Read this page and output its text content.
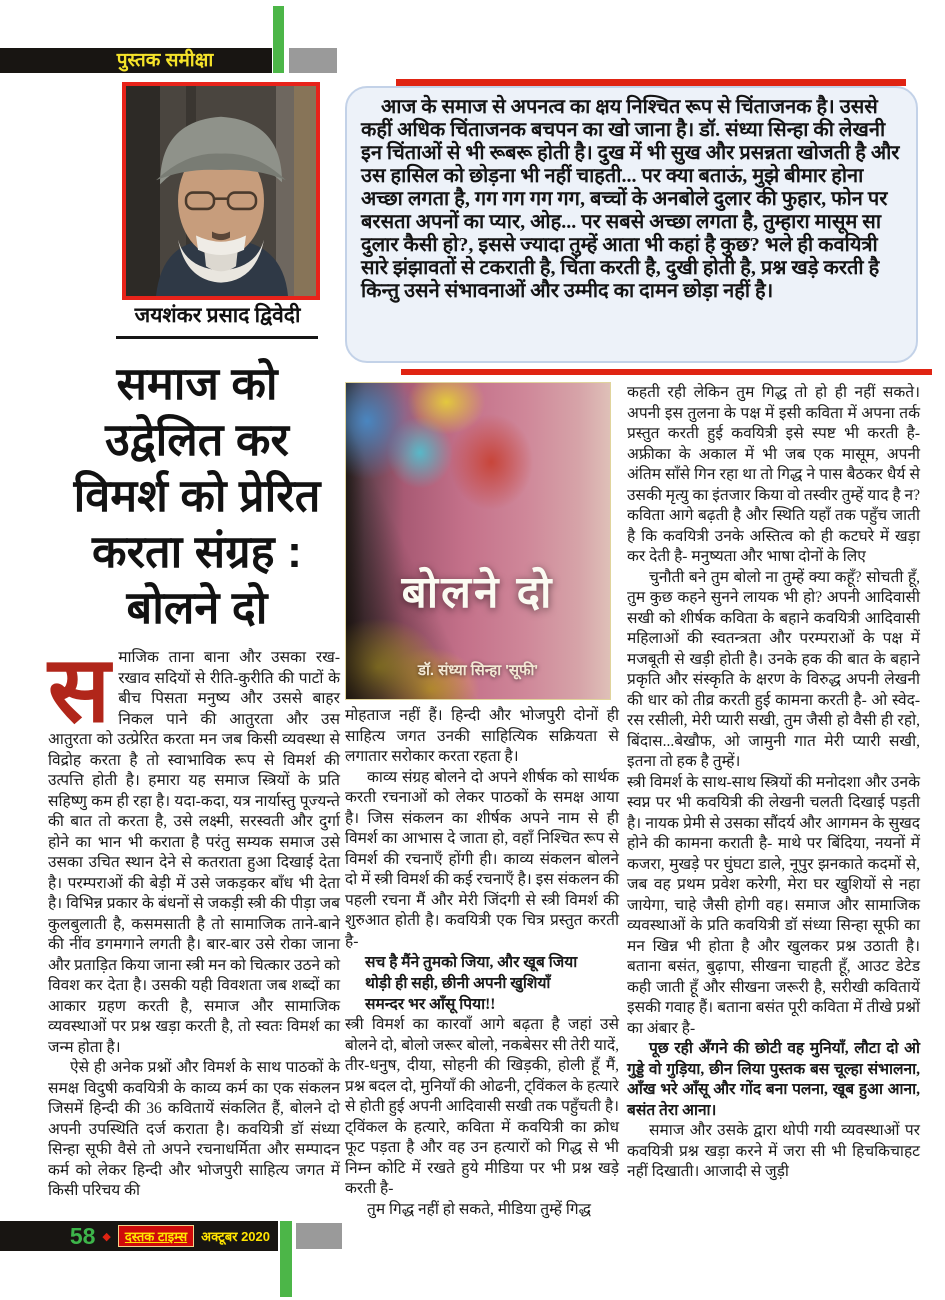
पुस्तक समीक्षा
जयशंकर प्रसाद द्विवेदी

आज के समाज से अपनत्व का क्षय निश्चित रूप से चिंताजनक है। उससे कहीं अधिक चिंताजनक बचपन का खो जाना है। डॉ. संध्या सिन्हा की लेखनी इन चिंताओं से भी रूबरू होती है। दुख में भी सुख और प्रसन्नता खोजती है और उस हासिल को छोड़ना भी नहीं चाहती... पर क्या बताऊं, मुझे बीमार होना अच्छा लगता है, गग गग गग गग, बच्चों के अनबोले दुलार की फुहार, फोन पर बरसता अपनों का प्यार, ओह... पर सबसे अच्छा लगता है, तुम्हारा मासूम सा दुलार कैसी हो?, इससे ज्यादा तुम्हें आता भी कहां है कुछ? भले ही कवयित्री सारे झंझावतों से टकराती है, चिंता करती है, दुखी होती है, प्रश्न खड़े करती है किन्तु उसने संभावनाओं और उम्मीद का दामन छोड़ा नहीं है।

समाज को
उद्वेलित कर
विमर्श को प्रेरित
करता संग्रह :
बोलने दो	बोलने दो
डॉ. संध्या सिन्हा 'सूफी'

समाजिक ताना बाना और उसका रख-रखाव सदियों से रीति-कुरीति की पाटों के बीच पिसता मनुष्य और उससे बाहर निकल पाने की आतुरता और उस आतुरता को उत्प्रेरित करता मन जब किसी व्यवस्था से विद्रोह करता है तो स्वाभाविक रूप से विमर्श की उत्पत्ति होती है। हमारा यह समाज स्त्रियों के प्रति सहिष्णु कम ही रहा है। यदा-कदा, यत्र नार्यास्तु पूज्यन्ते की बात तो करता है, उसे लक्ष्मी, सरस्वती और दुर्गा होने का भान भी कराता है परंतु सम्यक समाज उसे उसका उचित स्थान देने से कतराता हुआ दिखाई देता है। परम्पराओं की बेड़ी में उसे जकड़कर बाँध भी देता है। विभिन्न प्रकार के बंधनों से जकड़ी स्त्री की पीड़ा जब कुलबुलाती है, कसमसाती है तो सामाजिक ताने-बाने की नींव डगमगाने लगती है। बार-बार उसे रोका जाना और प्रताड़ित किया जाना स्त्री मन को चित्कार उठने को विवश कर देता है। उसकी यही विवशता जब शब्दों का आकार ग्रहण करती है, समाज और सामाजिक व्यवस्थाओं पर प्रश्न खड़ा करती है, तो स्वतः विमर्श का जन्म होता है।

ऐसे ही अनेक प्रश्नों और विमर्श के साथ पाठकों के समक्ष विदुषी कवयित्री के काव्य कर्म का एक संकलन जिसमें हिन्दी की 36 कवितायें संकलित हैं, बोलने दो अपनी उपस्थिति दर्ज कराता है। कवयित्री डॉ संध्या सिन्हा सूफी वैसे तो अपने रचनाधर्मिता और सम्पादन कर्म को लेकर हिन्दी और भोजपुरी साहित्य जगत में किसी परिचय की

मोहताज नहीं हैं। हिन्दी और भोजपुरी दोनों ही साहित्य जगत उनकी साहित्यिक सक्रियता से लगातार सरोकार करता रहता है।

काव्य संग्रह बोलने दो अपने शीर्षक को सार्थक करती रचनाओं को लेकर पाठकों के समक्ष आया है। जिस संकलन का शीर्षक अपने नाम से ही विमर्श का आभास दे जाता हो, वहाँ निश्चित रूप से विमर्श की रचनाएँ होंगी ही। काव्य संकलन बोलने दो में स्त्री विमर्श की कई रचनाएँ है। इस संकलन की पहली रचना मैं और मेरी जिंदगी से स्त्री विमर्श की शुरुआत होती है। कवयित्री एक चित्र प्रस्तुत करती है-

सच है मैंने तुमको जिया, और खूब जिया
थोड़ी ही सही, छीनी अपनी खुशियाँ
समन्दर भर आँसू पिया!!

स्त्री विमर्श का कारवाँ आगे बढ़ता है जहां उसे बोलने दो, बोलो जरूर बोलो, नकबेसर सी तेरी यादें, तीर-धनुष, दीया, सोहनी की खिड़की, होली हूँ मैं, प्रश्न बदल दो, मुनियाँ की ओढनी, ट्विंकल के हत्यारे से होती हुई अपनी आदिवासी सखी तक पहुँचती है। ट्विंकल के हत्यारे, कविता में कवयित्री का क्रोध फूट पड़ता है और वह उन हत्यारों को गिद्ध से भी निम्न कोटि में रखते हुये मीडिया पर भी प्रश्न खड़े करती है-

तुम गिद्ध नहीं हो सकते, मीडिया तुम्हें गिद्ध

कहती रही लेकिन तुम गिद्ध तो हो ही नहीं सकते। अपनी इस तुलना के पक्ष में इसी कविता में अपना तर्क प्रस्तुत करती हुई कवयित्री इसे स्पष्ट भी करती है-अफ्रीका के अकाल में भी जब एक मासूम, अपनी अंतिम साँसे गिन रहा था तो गिद्ध ने पास बैठकर धैर्य से उसकी मृत्यु का इंतजार किया वो तस्वीर तुम्हें याद है न? कविता आगे बढ़ती है और स्थिति यहाँ तक पहुँच जाती है कि कवयित्री उनके अस्तित्व को ही कटघरे में खड़ा कर देती है- मनुष्यता और भाषा दोनों के लिए

चुनौती बने तुम बोलो ना तुम्हें क्या कहूँ? सोचती हूँ, तुम कुछ कहने सुनने लायक भी हो? अपनी आदिवासी सखी को शीर्षक कविता के बहाने कवयित्री आदिवासी महिलाओं की स्वतन्त्रता और परम्पराओं के पक्ष में मजबूती से खड़ी होती है। उनके हक की बात के बहाने प्रकृति और संस्कृति के क्षरण के विरुद्ध अपनी लेखनी की धार को तीव्र करती हुई कामना करती है- ओ स्वेद-रस रसीली, मेरी प्यारी सखी, तुम जैसी हो वैसी ही रहो, बिंदास...बेखौफ, ओ जामुनी गात मेरी प्यारी सखी, इतना तो हक है तुम्हें।

स्त्री विमर्श के साथ-साथ स्त्रियों की मनोदशा और उनके स्वप्न पर भी कवयित्री की लेखनी चलती दिखाई पड़ती है। नायक प्रेमी से उसका सौंदर्य और आगमन के सुखद होने की कामना कराती है- माथे पर बिंदिया, नयनों में कजरा, मुखड़े पर घुंघटा डाले, नूपुर झनकाते कदमों से, जब वह प्रथम प्रवेश करेगी, मेरा घर खुशियों से नहा जायेगा, चाहे जैसी होगी वह। समाज और सामाजिक व्यवस्थाओं के प्रति कवयित्री डॉ संध्या सिन्हा सूफी का मन खिन्न भी होता है और खुलकर प्रश्न उठाती है। बताना बसंत, बुढ़ापा, सीखना चाहती हूँ, आउट डेटेड कही जाती हूँ और सीखना जरूरी है, सरीखी कवितायें इसकी गवाह हैं। बताना बसंत पूरी कविता में तीखे प्रश्नों का अंबार है-

पूछ रही अँगने की छोटी वह मुनियाँ, लौटा दो ओ गुड्डे वो गुड़िया, छीन लिया पुस्तक बस चूल्हा संभालना, आँख भरे आँसू और गोंद बना पलना, खूब हुआ आना, बसंत तेरा आना।

समाज और उसके द्वारा थोपी गयी व्यवस्थाओं पर कवयित्री प्रश्न खड़ा करने में जरा सी भी हिचकिचाहट नहीं दिखाती। आजादी से जुड़ी

58 ◆	दस्तक टाइम्स	अक्टूबर 2020
